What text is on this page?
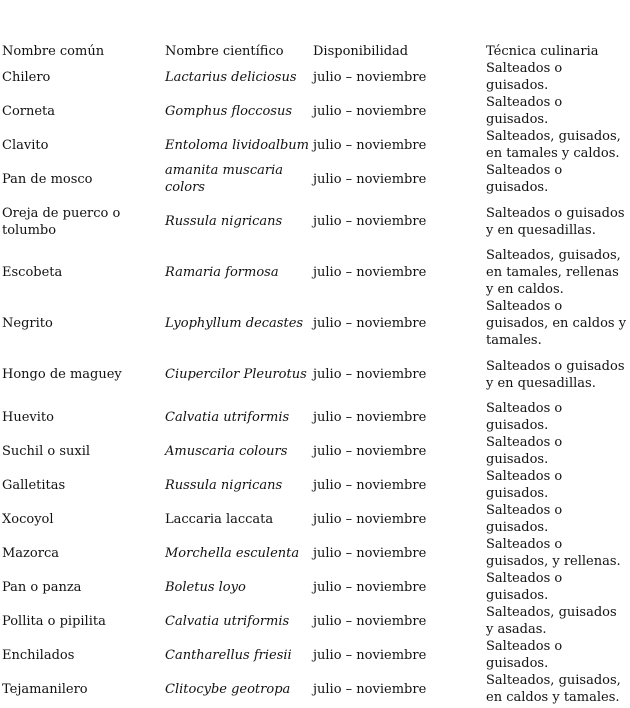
Nombre común	Nombre científico	Disponibilidad	Técnica culinaria
Chilero	Lactarius deliciosus	julio – noviembre	Salteados o guisados.
Corneta	Gomphus floccosus	julio – noviembre	Salteados o guisados.
Clavito	Entoloma lividoalbum	julio – noviembre	Salteados, guisados, en tamales y caldos.
Pan de mosco	amanita muscaria colors	julio – noviembre	Salteados o guisados.
Oreja de puerco o tolumbo	Russula nigricans	julio – noviembre	Salteados o guisados y en quesadillas.
Escobeta	Ramaria formosa	julio – noviembre	Salteados, guisados, en tamales, rellenas y en caldos.
Negrito	Lyophyllum decastes	julio – noviembre	Salteados o guisados, en caldos y tamales.
Hongo de maguey	Ciupercilor Pleurotus	julio – noviembre	Salteados o guisados y en quesadillas.
Huevito	Calvatia utriformis	julio – noviembre	Salteados o guisados.
Suchil o suxil	Amuscaria colours	julio – noviembre	Salteados o guisados.
Galletitas	Russula nigricans	julio – noviembre	Salteados o guisados.
Xocoyol	Laccaria laccata	julio – noviembre	Salteados o guisados.
Mazorca	Morchella esculenta	julio – noviembre	Salteados o guisados, y rellenas.
Pan o panza	Boletus loyo	julio – noviembre	Salteados o guisados.
Pollita o pipilita	Calvatia utriformis	julio – noviembre	Salteados, guisados y asadas.
Enchilados	Cantharellus friesii	julio – noviembre	Salteados o guisados.
Tejamanilero	Clitocybe geotropa	julio – noviembre	Salteados, guisados, en caldos y tamales.
